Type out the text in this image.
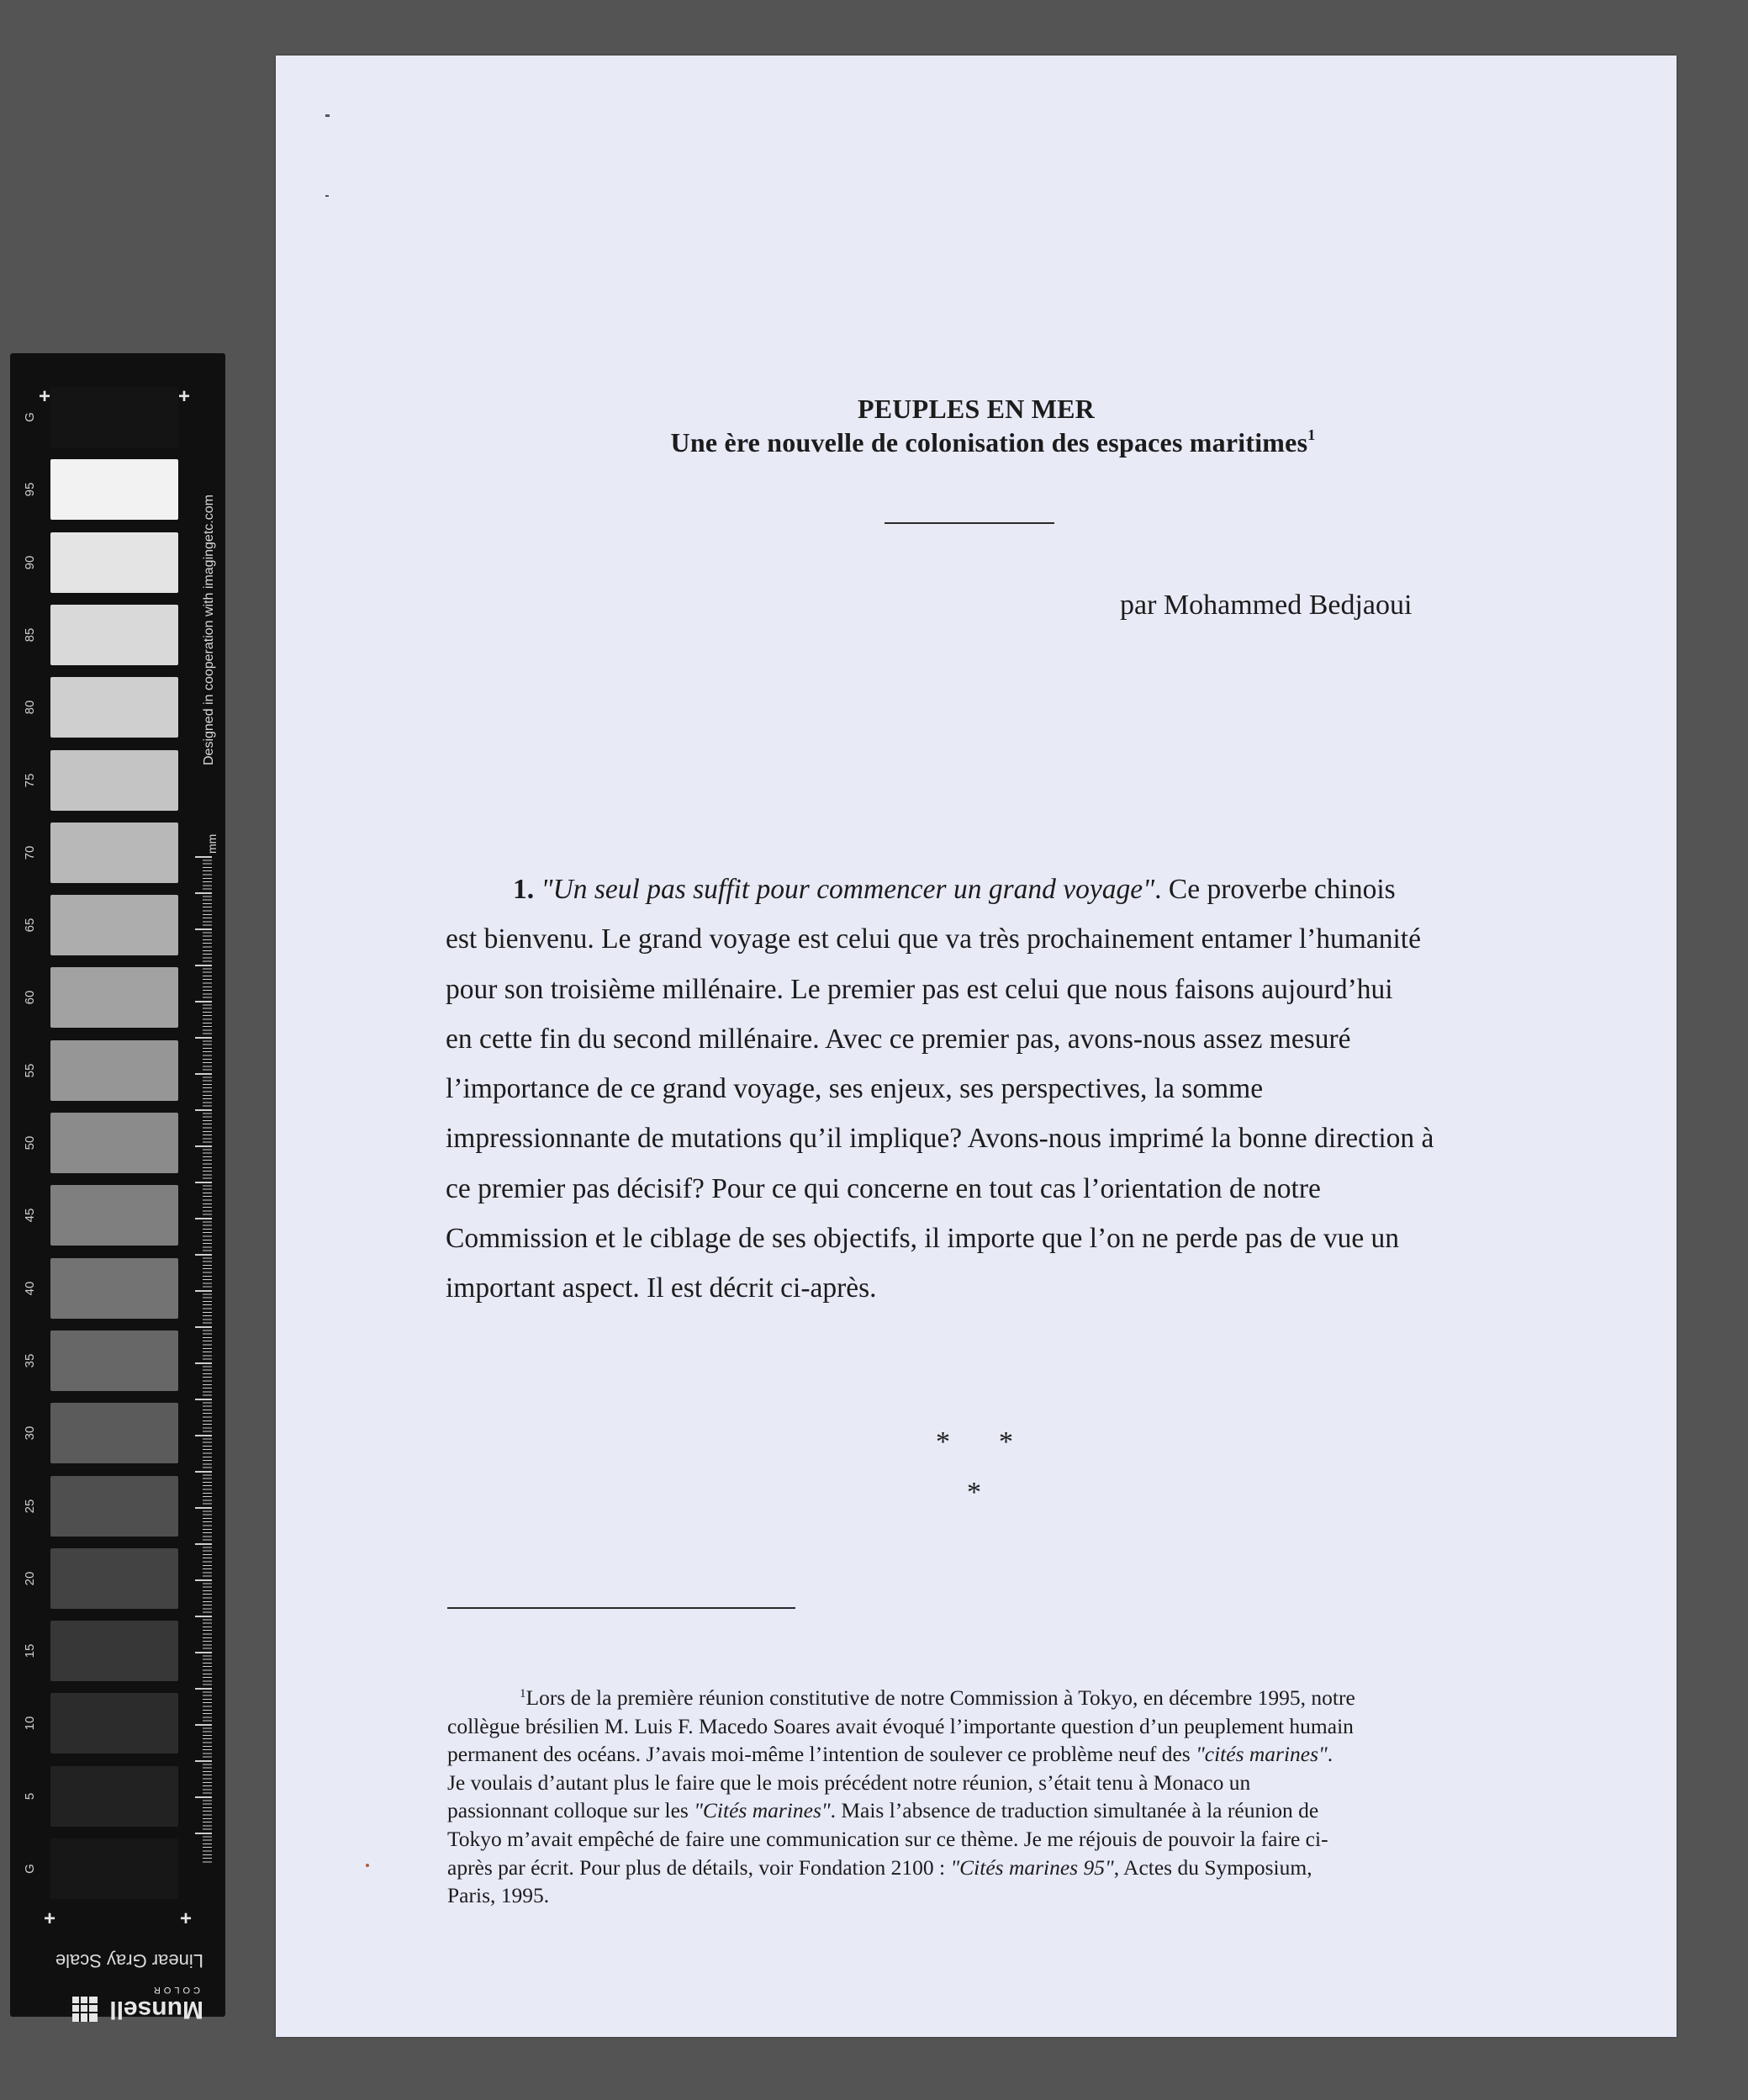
G
95
90
85
80
75
70
65
60
55
50
45
40
35
30
25
20
15
10
5
G
+	+
+	+
Designed in cooperation with imagingetc.com
mm
Linear Gray Scale
Munsell
COLOR
PEUPLES EN MER
Une ère nouvelle de colonisation des espaces maritimes$^1$
par Mohammed Bedjaoui
1. "Un seul pas suffit pour commencer un grand voyage". Ce proverbe chinois
est bienvenu. Le grand voyage est celui que va très prochainement entamer l’humanité
pour son troisième millénaire. Le premier pas est celui que nous faisons aujourd’hui
en cette fin du second millénaire. Avec ce premier pas, avons-nous assez mesuré
l’importance de ce grand voyage, ses enjeux, ses perspectives, la somme
impressionnante de mutations qu’il implique? Avons-nous imprimé la bonne direction à
ce premier pas décisif? Pour ce qui concerne en tout cas l’orientation de notre
Commission et le ciblage de ses objectifs, il importe que l’on ne perde pas de vue un
important aspect. Il est décrit ci-après.
* *
*
$^1$Lors de la première réunion constitutive de notre Commission à Tokyo, en décembre 1995, notre
collègue brésilien M. Luis F. Macedo Soares avait évoqué l’importante question d’un peuplement humain
permanent des océans. J’avais moi-même l’intention de soulever ce problème neuf des "cités marines".
Je voulais d’autant plus le faire que le mois précédent notre réunion, s’était tenu à Monaco un
passionnant colloque sur les "Cités marines". Mais l’absence de traduction simultanée à la réunion de
Tokyo m’avait empêché de faire une communication sur ce thème. Je me réjouis de pouvoir la faire ci-
après par écrit. Pour plus de détails, voir Fondation 2100 : "Cités marines 95", Actes du Symposium,
Paris, 1995.
